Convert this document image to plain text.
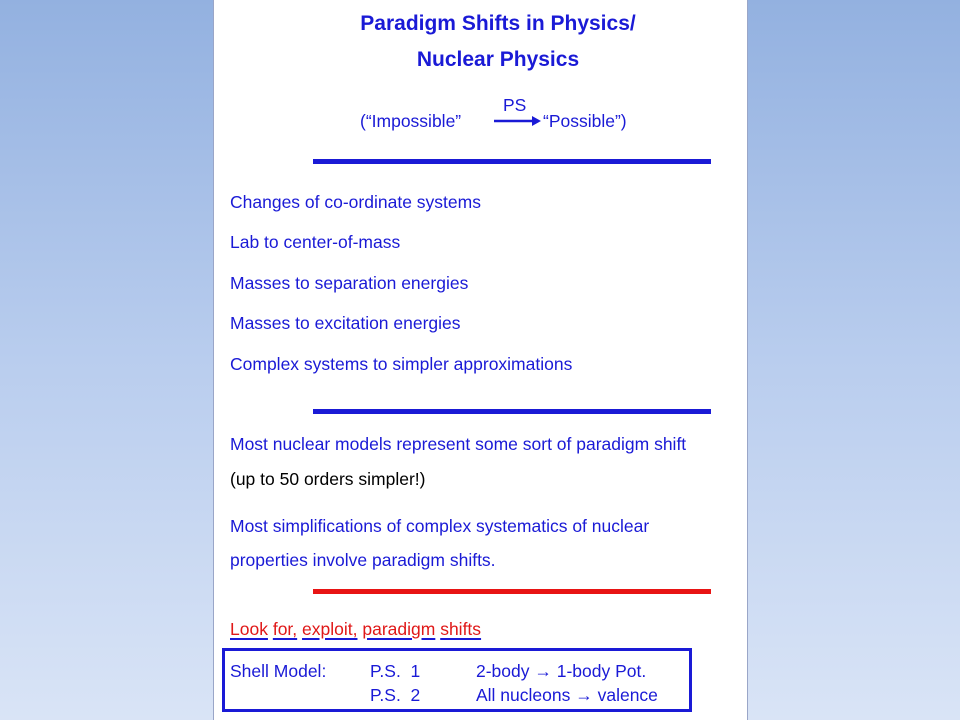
Paradigm Shifts in Physics/
Nuclear Physics
(“Impossible”
PS
“Possible”)
Changes of co-ordinate systems
Lab to center-of-mass
Masses to separation energies
Masses to excitation energies
Complex systems to simpler approximations
Most nuclear models represent some sort of paradigm shift
(up to 50 orders simpler!)
Most simplifications of complex systematics of nuclear
properties involve paradigm shifts.
Look for, exploit, paradigm shifts
Shell Model: P.S.  1	2-body → 1-body Pot.
P.S.  2	All nucleons → valence
